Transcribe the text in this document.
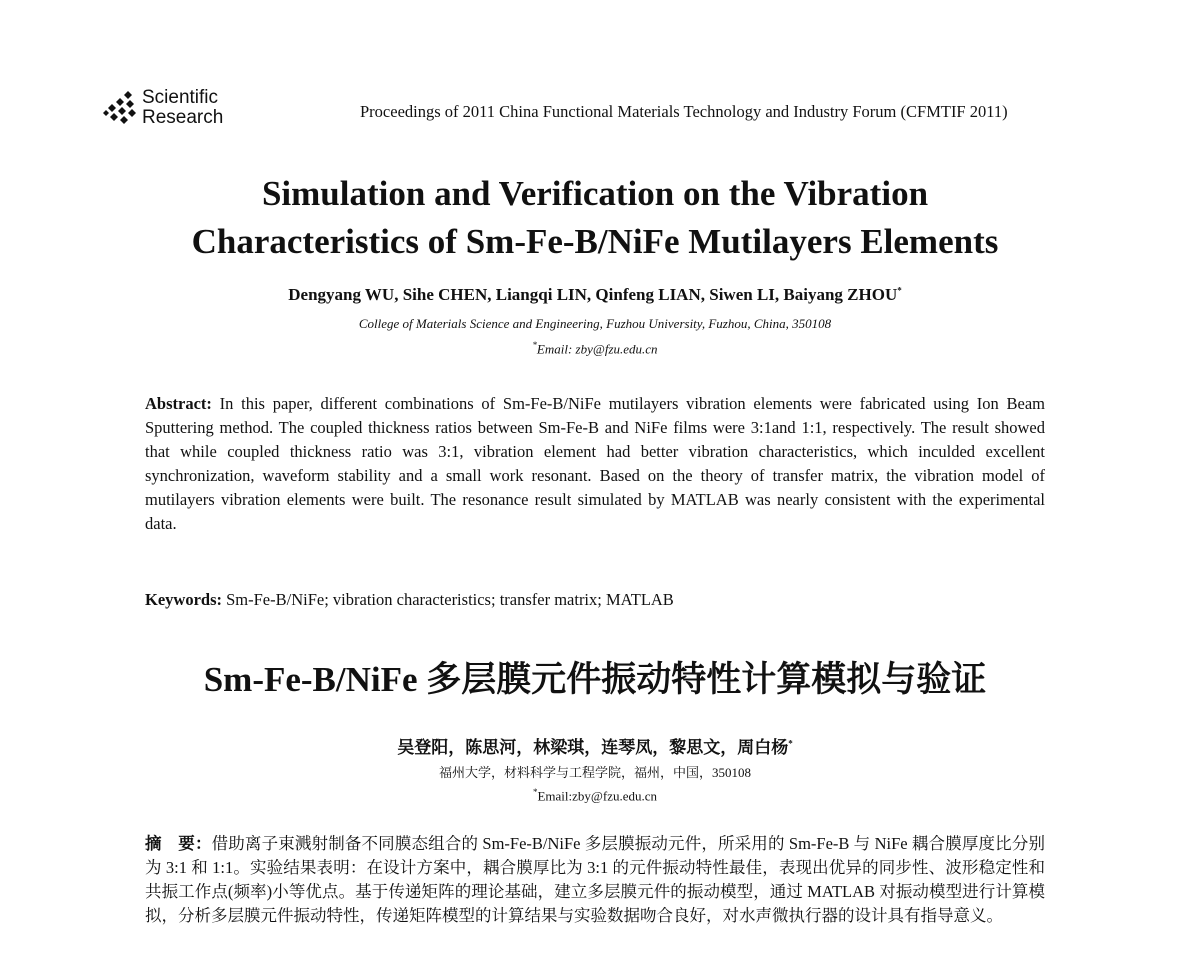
Scientific
Research	Proceedings of 2011 China Functional Materials Technology and Industry Forum (CFMTIF 2011)
Simulation and Verification on the Vibration
Characteristics of Sm-Fe-B/NiFe Mutilayers Elements
Dengyang WU, Sihe CHEN, Liangqi LIN, Qinfeng LIAN, Siwen LI, Baiyang ZHOU*
College of Materials Science and Engineering, Fuzhou University, Fuzhou, China, 350108
*Email: zby@fzu.edu.cn
Abstract: In this paper, different combinations of Sm-Fe-B/NiFe mutilayers vibration elements were fabricated using Ion Beam Sputtering method. The coupled thickness ratios between Sm-Fe-B and NiFe films were 3:1and 1:1, respectively. The result showed that while coupled thickness ratio was 3:1, vibration element had better vibration characteristics, which inculded excellent synchronization, waveform stability and a small work resonant. Based on the theory of transfer matrix, the vibration model of mutilayers vibration elements were built. The resonance result simulated by MATLAB was nearly consistent with the experimental data.
Keywords: Sm-Fe-B/NiFe; vibration characteristics; transfer matrix; MATLAB
Sm-Fe-B/NiFe 多层膜元件振动特性计算模拟与验证
吴登阳，陈思河，林梁琪，连琴凤，黎思文，周白杨*
福州大学，材料科学与工程学院，福州，中国，350108
*Email:zby@fzu.edu.cn
摘　要：借助离子束溅射制备不同膜态组合的 Sm-Fe-B/NiFe 多层膜振动元件，所采用的 Sm-Fe-B 与 NiFe 耦合膜厚度比分别为 3:1 和 1:1。实验结果表明：在设计方案中，耦合膜厚比为 3:1 的元件振动特性最佳，表现出优异的同步性、波形稳定性和共振工作点(频率)小等优点。基于传递矩阵的理论基础，建立多层膜元件的振动模型，通过 MATLAB 对振动模型进行计算模拟，分析多层膜元件振动特性，传递矩阵模型的计算结果与实验数据吻合良好，对水声微执行器的设计具有指导意义。
